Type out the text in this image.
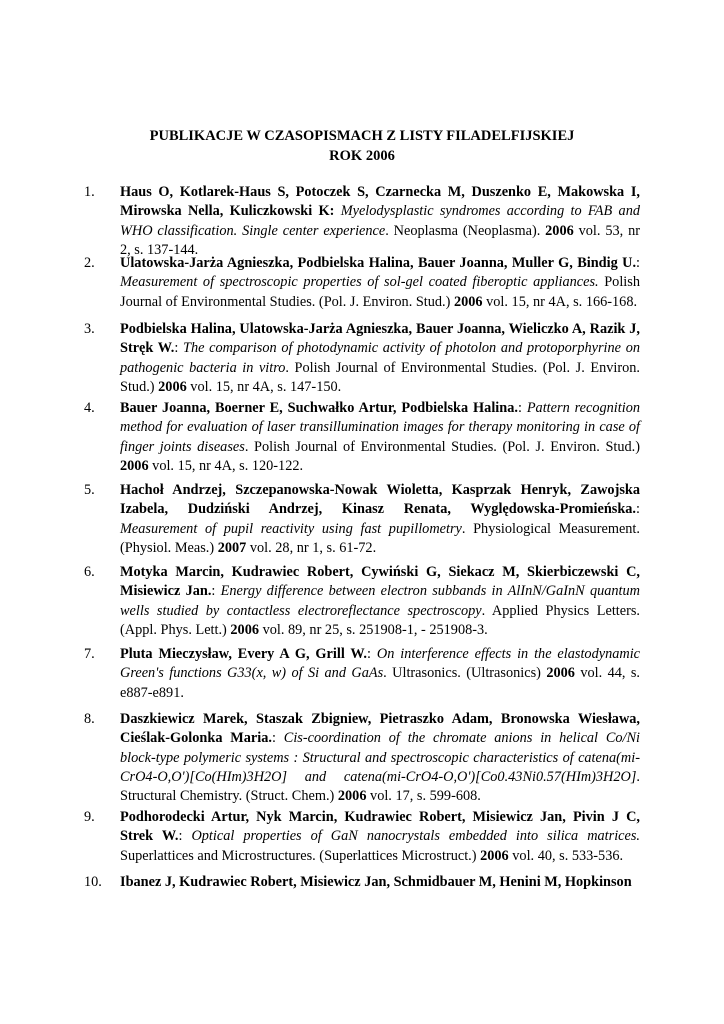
PUBLIKACJE W CZASOPISMACH Z LISTY FILADELFIJSKIEJ
ROK 2006
1.	Haus O, Kotlarek-Haus S, Potoczek S, Czarnecka M, Duszenko E, Makowska I, Mirowska Nella, Kuliczkowski K: Myelodysplastic syndromes according to FAB and WHO classification. Single center experience. Neoplasma (Neoplasma). 2006 vol. 53, nr 2, s. 137-144.
2.	Ulatowska-Jarża Agnieszka, Podbielska Halina, Bauer Joanna, Muller G, Bindig U.: Measurement of spectroscopic properties of sol-gel coated fiberoptic appliances. Polish Journal of Environmental Studies. (Pol. J. Environ. Stud.) 2006 vol. 15, nr 4A, s. 166-168.
3.	Podbielska Halina, Ulatowska-Jarża Agnieszka, Bauer Joanna, Wieliczko A, Razik J, Stręk W.: The comparison of photodynamic activity of photolon and protoporphyrine on pathogenic bacteria in vitro. Polish Journal of Environmental Studies. (Pol. J. Environ. Stud.) 2006 vol. 15, nr 4A, s. 147-150.
4.	Bauer Joanna, Boerner E, Suchwałko Artur, Podbielska Halina.: Pattern recognition method for evaluation of laser transillumination images for therapy monitoring in case of finger joints diseases. Polish Journal of Environmental Studies. (Pol. J. Environ. Stud.) 2006 vol. 15, nr 4A, s. 120-122.
5.	Hachoł Andrzej, Szczepanowska-Nowak Wioletta, Kasprzak Henryk, Zawojska Izabela, Dudziński Andrzej, Kinasz Renata, Wyględowska-Promieńska.: Measurement of pupil reactivity using fast pupillometry. Physiological Measurement. (Physiol. Meas.) 2007 vol. 28, nr 1, s. 61-72.
6.	Motyka Marcin, Kudrawiec Robert, Cywiński G, Siekacz M, Skierbiczewski C, Misiewicz Jan.: Energy difference between electron subbands in AlInN/GaInN quantum wells studied by contactless electroreflectance spectroscopy. Applied Physics Letters. (Appl. Phys. Lett.) 2006 vol. 89, nr 25, s. 251908-1, - 251908-3.
7.	Pluta Mieczysław, Every A G, Grill W.: On interference effects in the elastodynamic Green's functions G33(x, w) of Si and GaAs. Ultrasonics. (Ultrasonics) 2006 vol. 44, s. e887-e891.
8.	Daszkiewicz Marek, Staszak Zbigniew, Pietraszko Adam, Bronowska Wiesława, Cieślak-Golonka Maria.: Cis-coordination of the chromate anions in helical Co/Ni block-type polymeric systems : Structural and spectroscopic characteristics of catena(mi-CrO4-O,O')[Co(HIm)3H2O] and catena(mi-CrO4-O,O')[Co0.43Ni0.57(HIm)3H2O]. Structural Chemistry. (Struct. Chem.) 2006 vol. 17, s. 599-608.
9.	Podhorodecki Artur, Nyk Marcin, Kudrawiec Robert, Misiewicz Jan, Pivin J C, Strek W.: Optical properties of GaN nanocrystals embedded into silica matrices. Superlattices and Microstructures. (Superlattices Microstruct.) 2006 vol. 40, s. 533-536.
10.	Ibanez J, Kudrawiec Robert, Misiewicz Jan, Schmidbauer M, Henini M, Hopkinson
